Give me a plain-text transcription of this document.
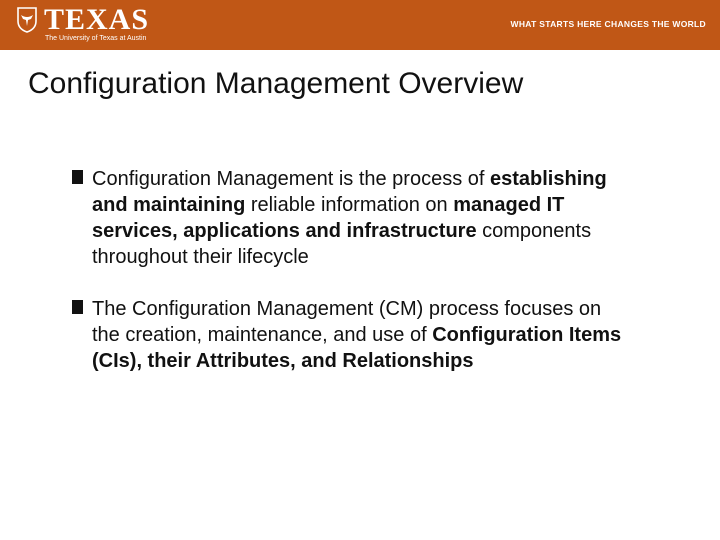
TEXAS
The University of Texas at Austin
WHAT STARTS HERE CHANGES THE WORLD
Configuration Management Overview
Configuration Management is the process of establishing and maintaining reliable information on managed IT services, applications and infrastructure components throughout their lifecycle
The Configuration Management (CM) process focuses on the creation, maintenance, and use of Configuration Items (CIs), their Attributes, and Relationships
